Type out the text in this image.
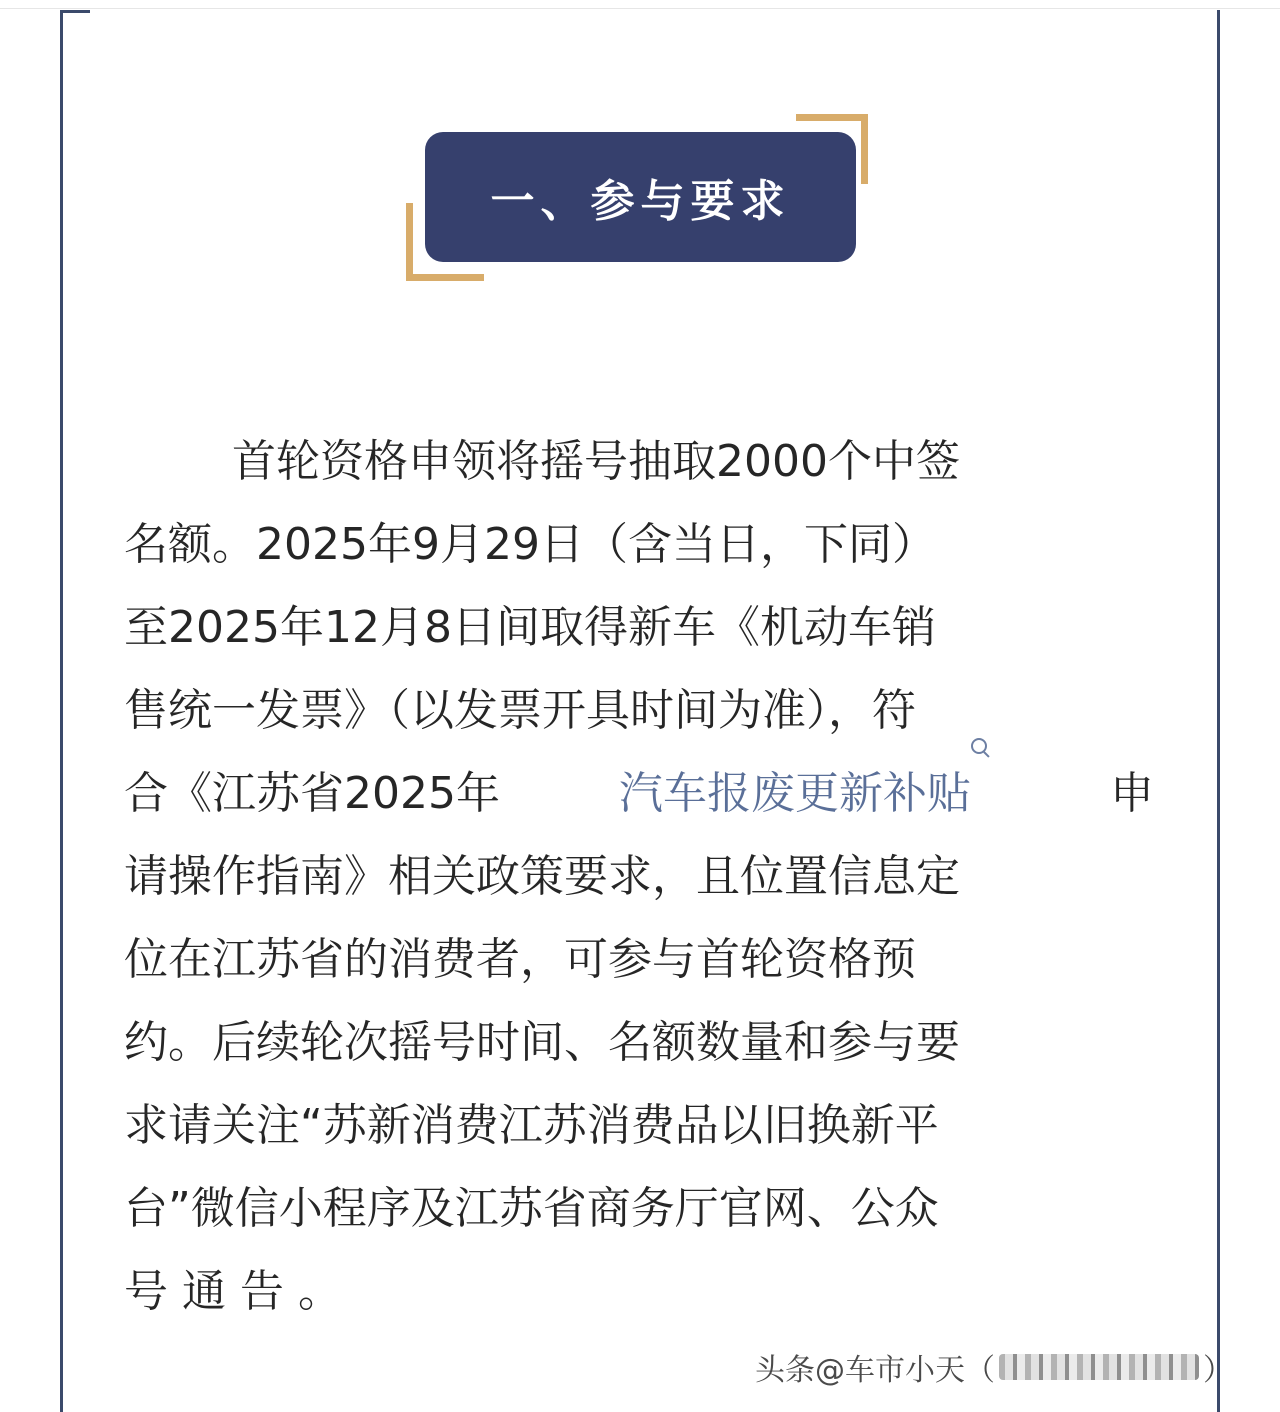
一、参与要求
首轮资格申领将摇号抽取2000个中签
名额。2025年9月29日（含当日，下同）
至2025年12月8日间取得新车《机动车销
售统一发票》（以发票开具时间为准），符
合《江苏省2025年	汽车报废更新补贴	申
请操作指南》相关政策要求，且位置信息定
位在江苏省的消费者，可参与首轮资格预
约。后续轮次摇号时间、名额数量和参与要
求请关注“苏新消费江苏消费品以旧换新平
台”微信小程序及江苏省商务厅官网、公众
号通告。
头条@车市小天（	）
